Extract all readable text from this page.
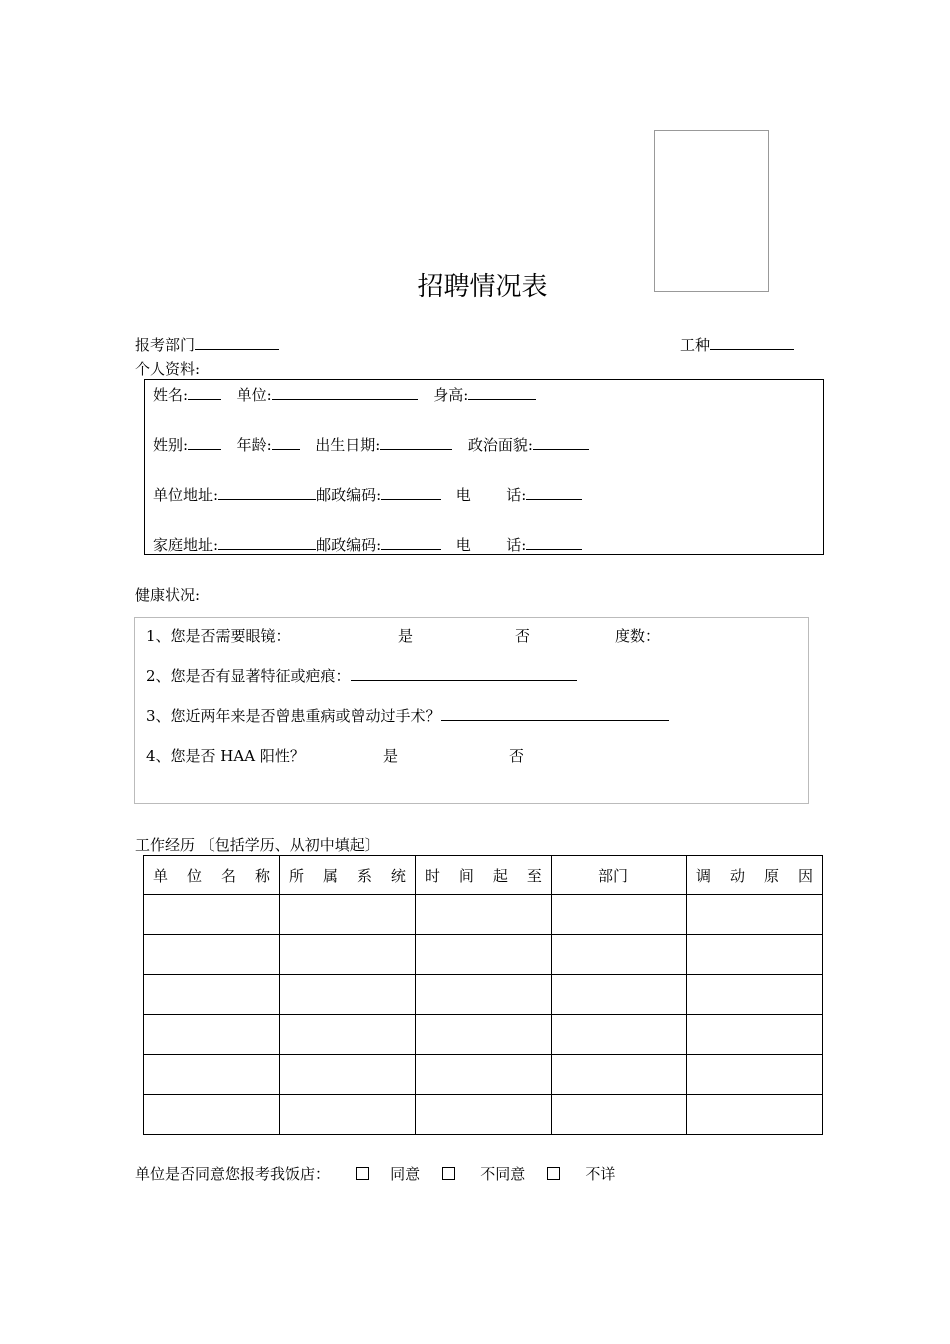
招聘情况表
报考部门	工种
个人资料:
姓名:	单位:	身高:
姓别:	年龄:	出生日期:	政治面貌:
单位地址:	邮政编码:	电 话:
家庭地址:	邮政编码:	电 话:
健康状况:
1、您是否需要眼镜：	是	否	度数：
2、您是否有显著特征或疤痕：
3、您近两年来是否曾患重病或曾动过手术？
4、您是否 HAA 阳性？	是	否
工作经历 〔包括学历、从初中填起〕
单 位 名 称	所 属 系 统	时 间 起 至	部门	调 动 原 因

单位是否同意您报考我饭店：	同意	不同意	不详
